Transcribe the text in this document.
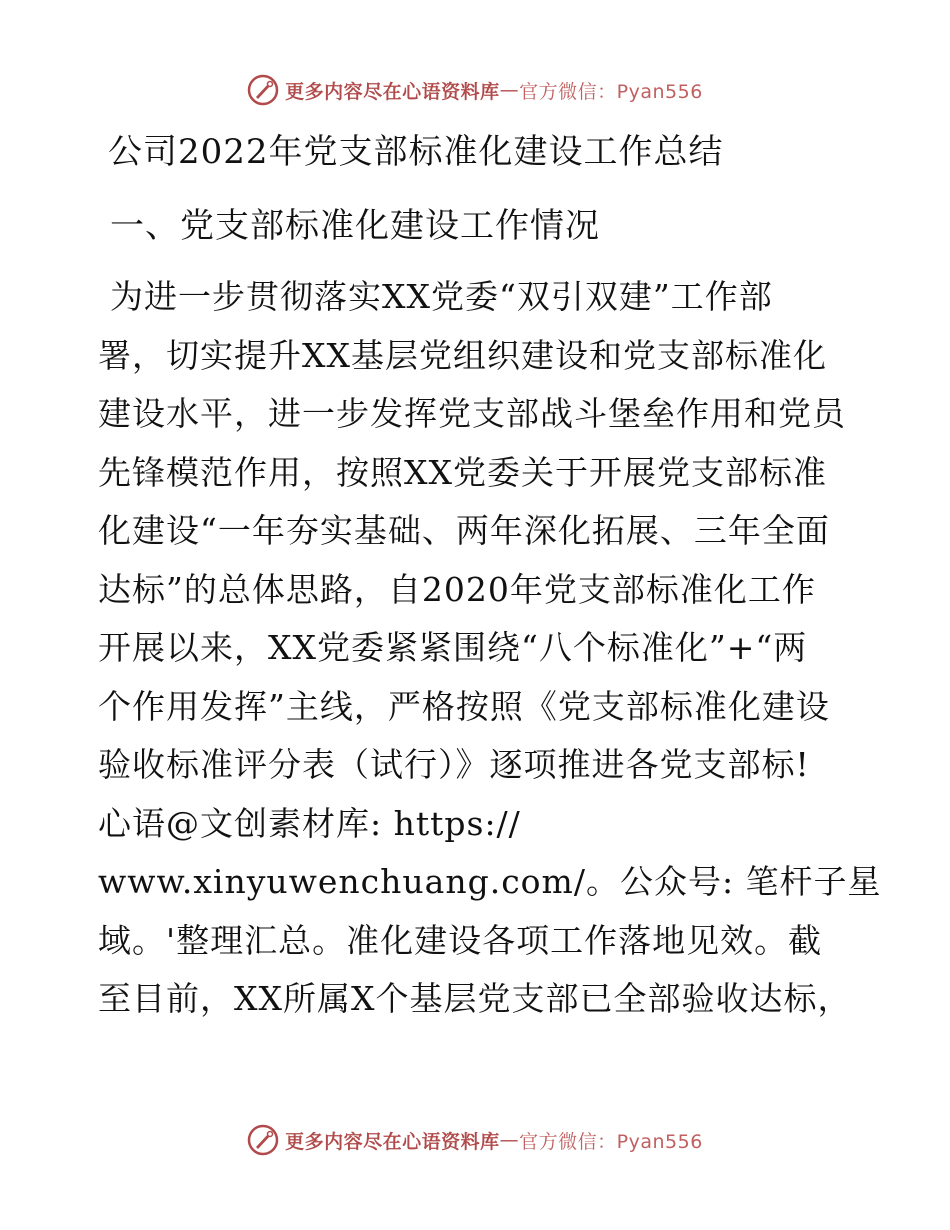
更多内容尽在心语资料库 — 官方微信：Pyan556
公司2022年党支部标准化建设工作总结
一、党支部标准化建设工作情况
为进一步贯彻落实XX党委“双引双建”工作部
署，切实提升XX基层党组织建设和党支部标准化
建设水平，进一步发挥党支部战斗堡垒作用和党员
先锋模范作用，按照XX党委关于开展党支部标准
化建设“一年夯实基础、两年深化拓展、三年全面
达标”的总体思路，自2020年党支部标准化工作
开展以来，XX党委紧紧围绕“八个标准化”+“两
个作用发挥”主线，严格按照《党支部标准化建设
验收标准评分表（试行）》逐项推进各党支部标!
心语@文创素材库: https://
www.xinyuwenchuang.com/。公众号: 笔杆子星
域。'整理汇总。准化建设各项工作落地见效。截
至目前，XX所属X个基层党支部已全部验收达标，
更多内容尽在心语资料库 — 官方微信：Pyan556
